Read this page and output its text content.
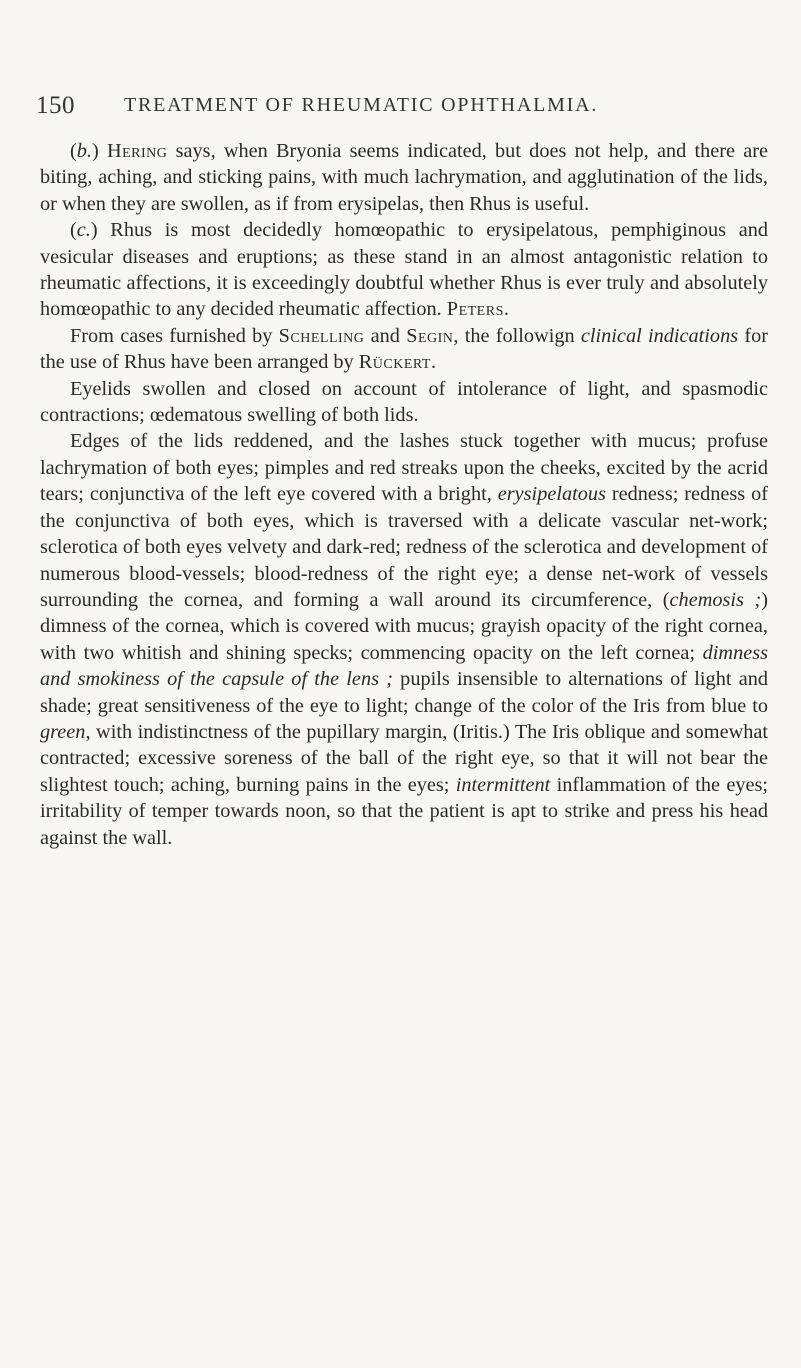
150 TREATMENT OF RHEUMATIC OPHTHALMIA.

(b.) Hering says, when Bryonia seems indicated, but does not help, and there are biting, aching, and sticking pains, with much lachrymation, and agglutination of the lids, or when they are swollen, as if from erysipelas, then Rhus is useful.

(c.) Rhus is most decidedly homœopathic to erysipelatous, pemphiginous and vesicular diseases and eruptions; as these stand in an almost antagonistic relation to rheumatic affections, it is exceedingly doubtful whether Rhus is ever truly and absolutely homœopathic to any decided rheumatic affection. Peters.

From cases furnished by Schelling and Segin, the followign clinical indications for the use of Rhus have been arranged by Rückert.

Eyelids swollen and closed on account of intolerance of light, and spasmodic contractions; œdematous swelling of both lids.

Edges of the lids reddened, and the lashes stuck together with mucus; profuse lachrymation of both eyes; pimples and red streaks upon the cheeks, excited by the acrid tears; conjunctiva of the left eye covered with a bright, erysipelatous redness; redness of the conjunctiva of both eyes, which is traversed with a delicate vascular net-work; sclerotica of both eyes velvety and dark-red; redness of the sclerotica and development of numerous blood-vessels; blood-redness of the right eye; a dense net-work of vessels surrounding the cornea, and forming a wall around its circumference, (chemosis ;) dimness of the cornea, which is covered with mucus; grayish opacity of the right cornea, with two whitish and shining specks; commencing opacity on the left cornea; dimness and smokiness of the capsule of the lens ; pupils insensible to alternations of light and shade; great sensitiveness of the eye to light; change of the color of the Iris from blue to green, with indistinctness of the pupillary margin, (Iritis.) The Iris oblique and somewhat contracted; excessive soreness of the ball of the right eye, so that it will not bear the slightest touch; aching, burning pains in the eyes; intermittent inflammation of the eyes; irritability of temper towards noon, so that the patient is apt to strike and press his head against the wall.
